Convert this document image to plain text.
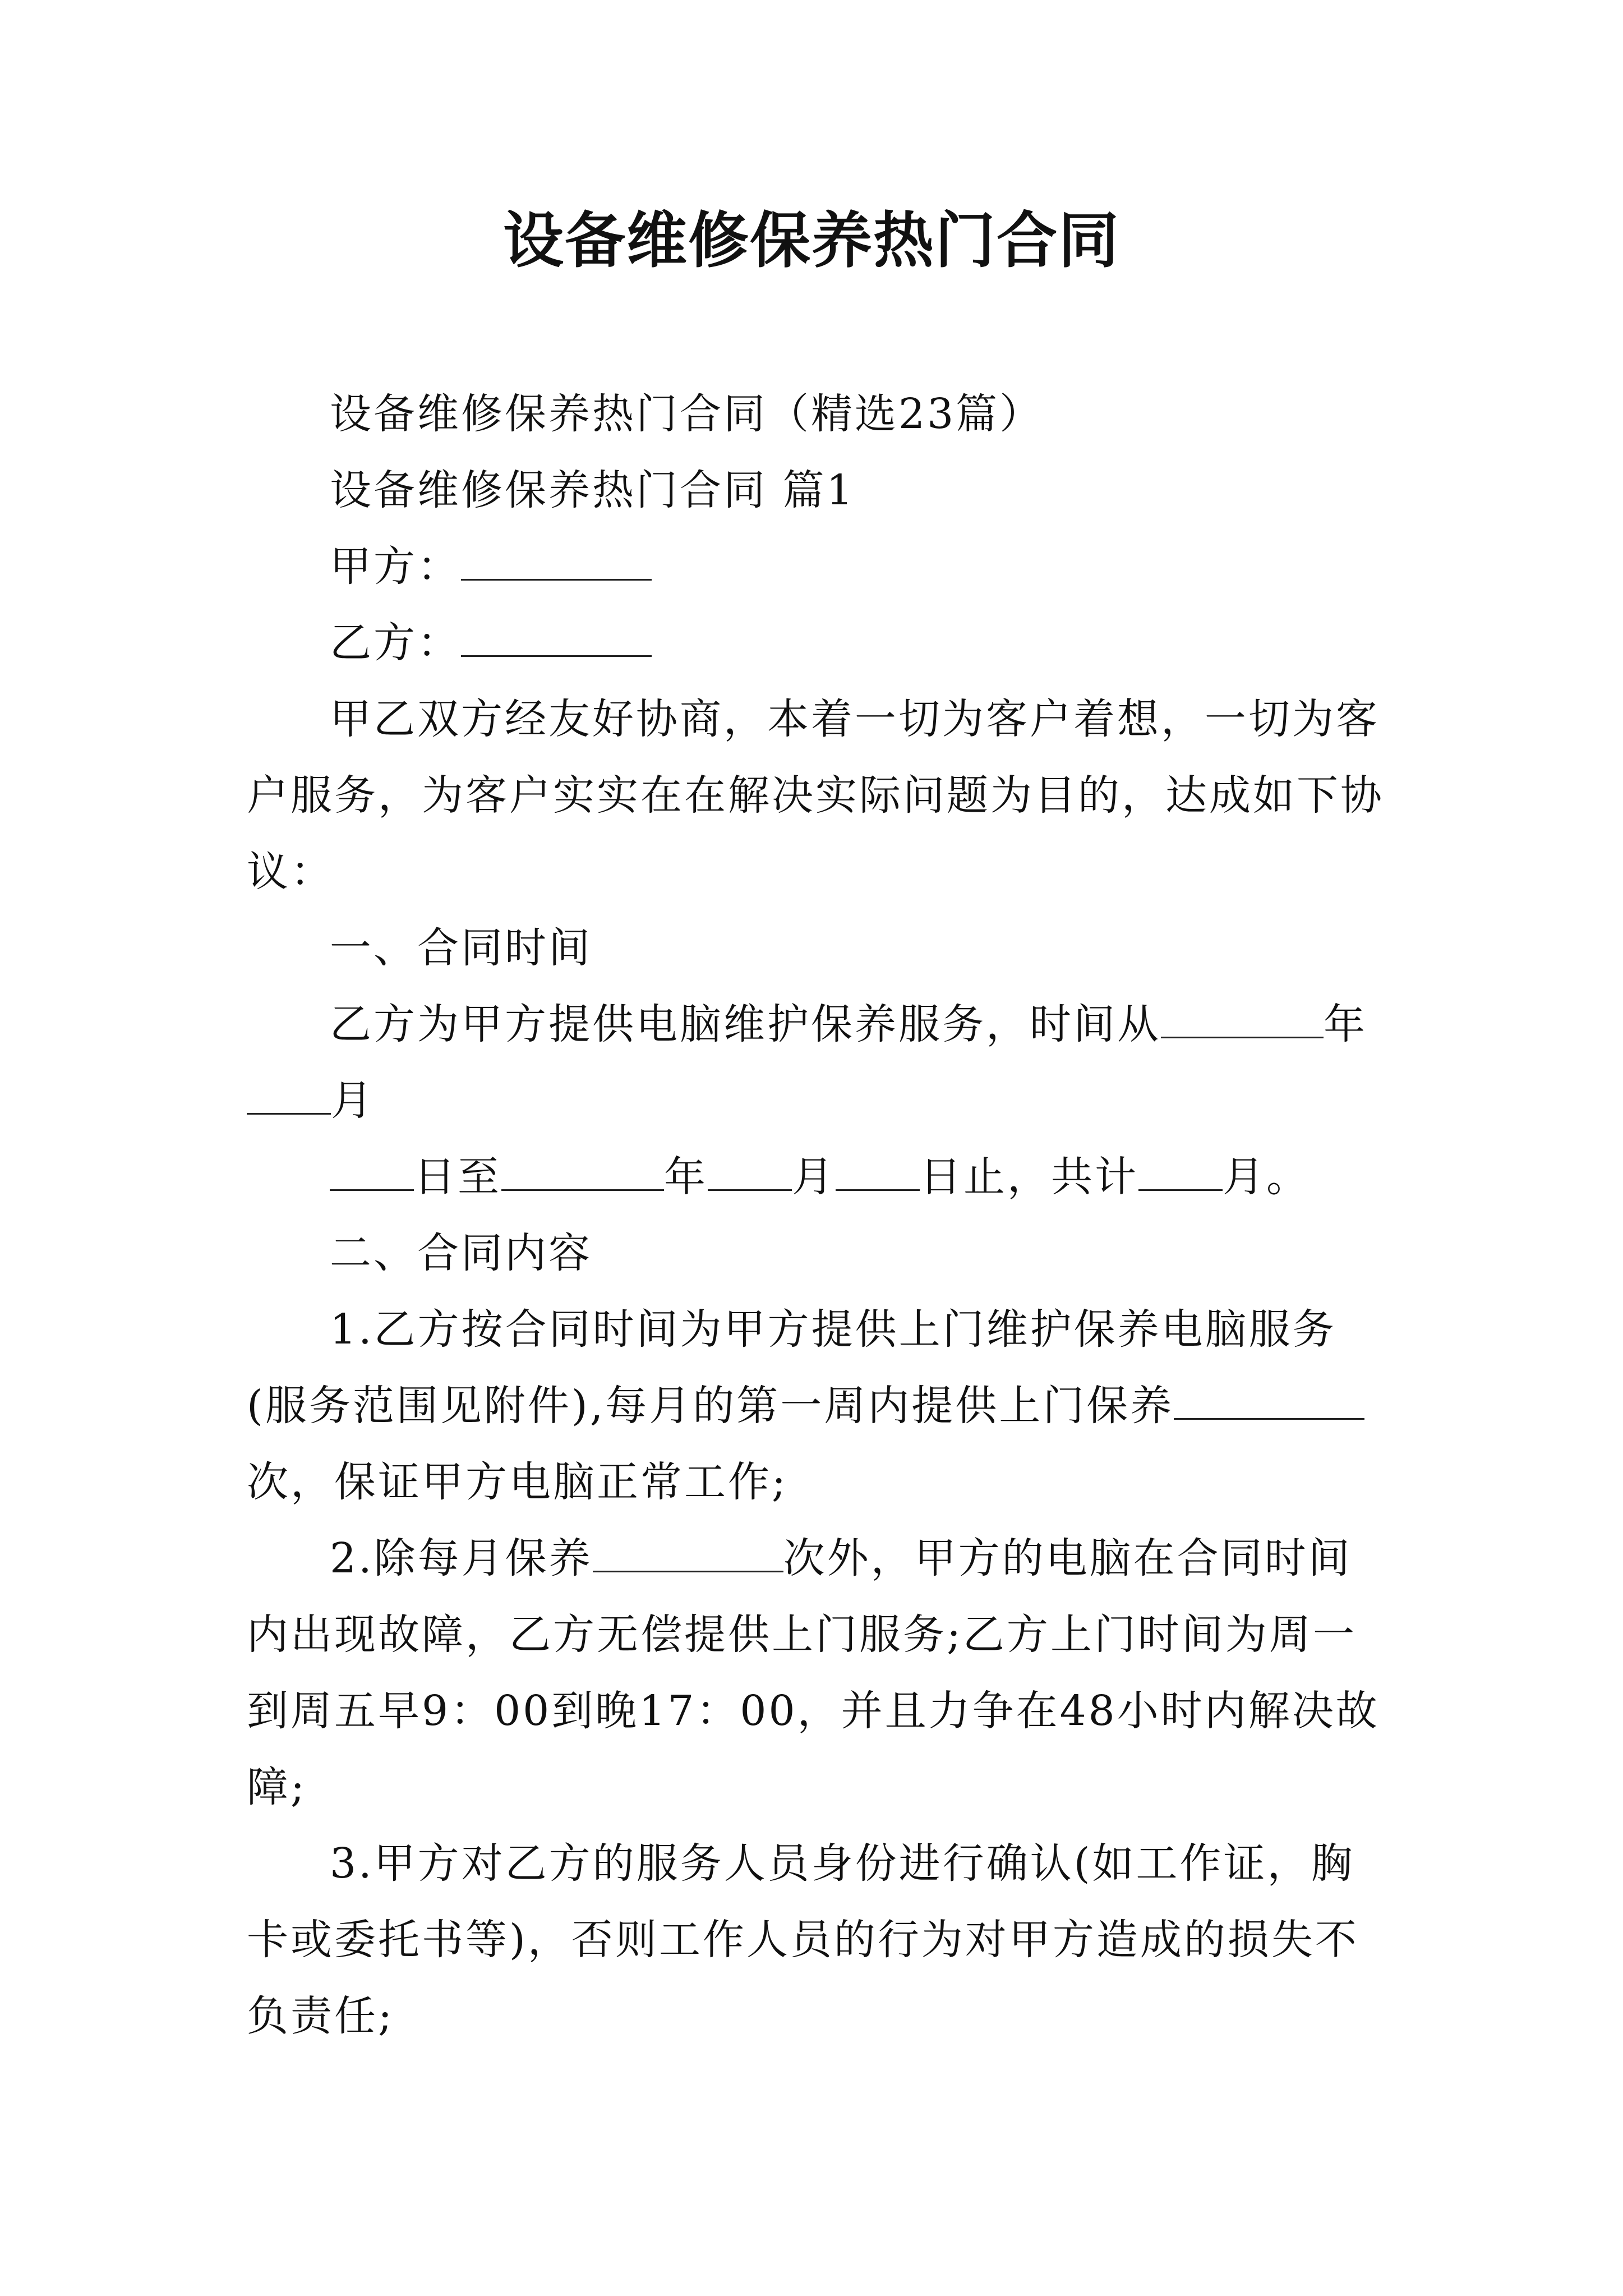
设备维修保养热门合同

设备维修保养热门合同（精选23篇）

设备维修保养热门合同 篇1

甲方：

乙方：

甲乙双方经友好协商，本着一切为客户着想，一切为客户服务，为客户实实在在解决实际问题为目的，达成如下协议：

一、合同时间

乙方为甲方提供电脑维护保养服务，时间从	年月

日至	年 月 日止，共计 月。

二、合同内容

1.乙方按合同时间为甲方提供上门维护保养电脑服务(服务范围见附件),每月的第一周内提供上门保养次，保证甲方电脑正常工作;

2.除每月保养	次外，甲方的电脑在合同时间内出现故障，乙方无偿提供上门服务;乙方上门时间为周一到周五早9：00到晚17：00，并且力争在48小时内解决故障;

3.甲方对乙方的服务人员身份进行确认(如工作证，胸卡或委托书等)，否则工作人员的行为对甲方造成的损失不负责任;
